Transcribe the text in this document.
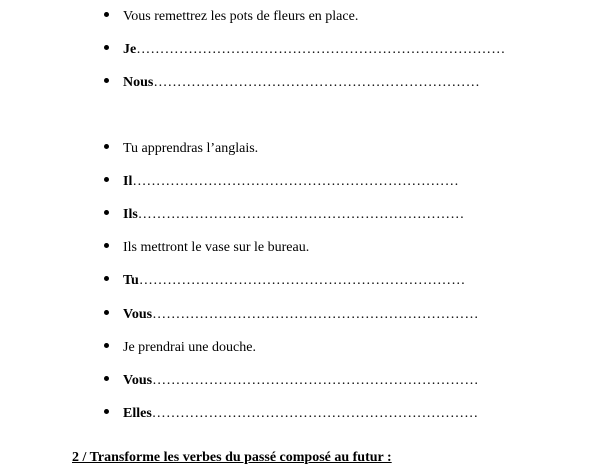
Vous remettrez les pots de fleurs en place.
Je ……………………………………………………………………
Nous ……………………………………………………………
Tu apprendras l’anglais.
Il ……………………………………………………………
Ils ……………………………………………………………
Ils mettront le vase sur le bureau.
Tu ……………………………………………………………
Vous ……………………………………………………………
Je prendrai une douche.
Vous ……………………………………………………………
Elles ……………………………………………………………
2 / Transforme les verbes du passé composé au futur :
